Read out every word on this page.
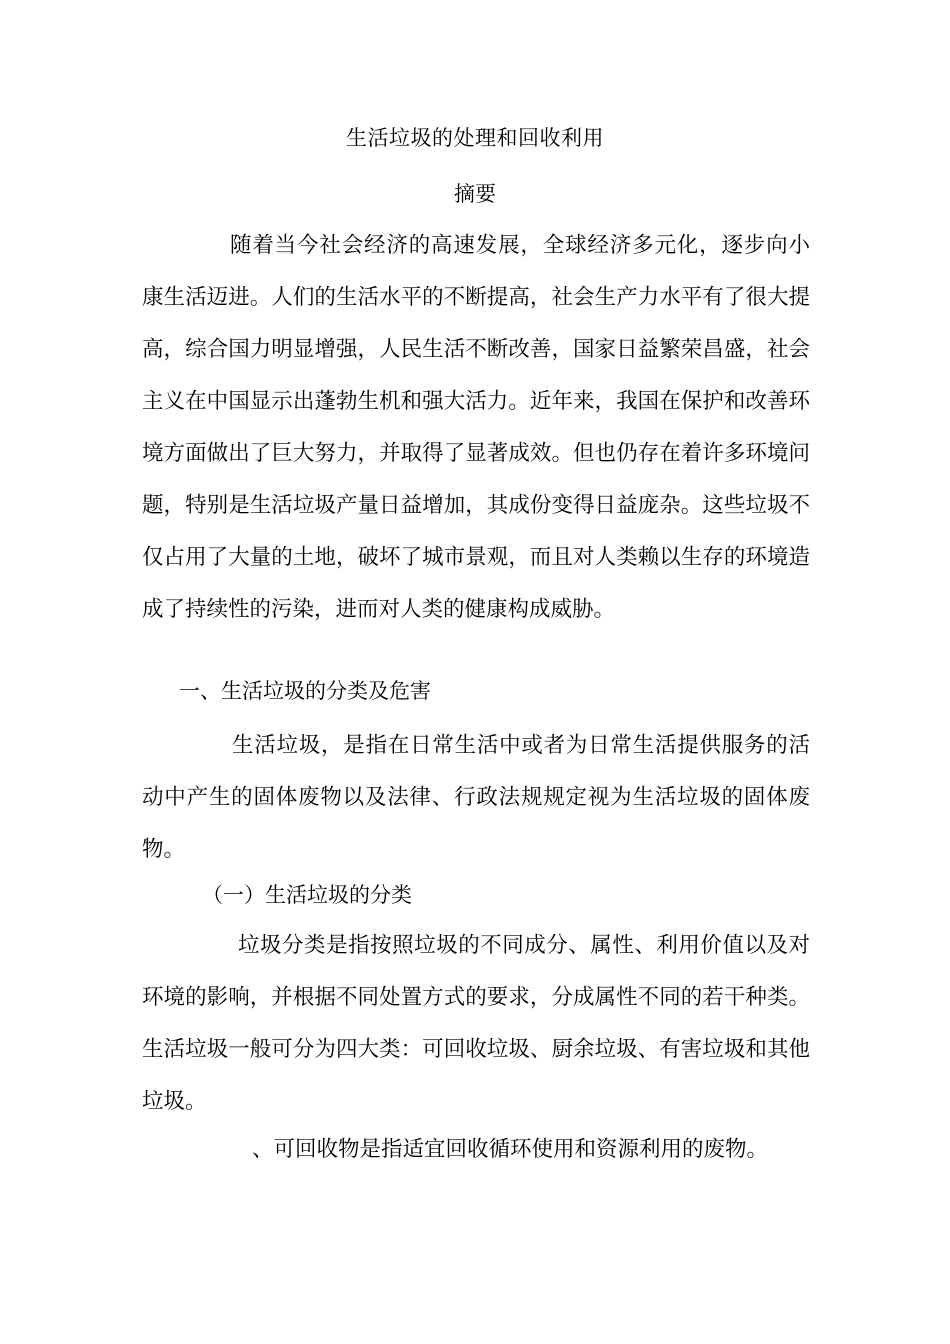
生活垃圾的处理和回收利用
摘要

随着当今社会经济的高速发展，全球经济多元化，逐步向小康生活迈进。人们的生活水平的不断提高，社会生产力水平有了很大提高，综合国力明显增强，人民生活不断改善，国家日益繁荣昌盛，社会主义在中国显示出蓬勃生机和强大活力。近年来，我国在保护和改善环境方面做出了巨大努力，并取得了显著成效。但也仍存在着许多环境问题，特别是生活垃圾产量日益增加，其成份变得日益庞杂。这些垃圾不仅占用了大量的土地，破坏了城市景观，而且对人类赖以生存的环境造成了持续性的污染，进而对人类的健康构成威胁。

一、生活垃圾的分类及危害

生活垃圾，是指在日常生活中或者为日常生活提供服务的活动中产生的固体废物以及法律、行政法规规定视为生活垃圾的固体废物。

（一）生活垃圾的分类

垃圾分类是指按照垃圾的不同成分、属性、利用价值以及对环境的影响，并根据不同处置方式的要求，分成属性不同的若干种类。生活垃圾一般可分为四大类：可回收垃圾、厨余垃圾、有害垃圾和其他垃圾。

、可回收物是指适宜回收循环使用和资源利用的废物。
